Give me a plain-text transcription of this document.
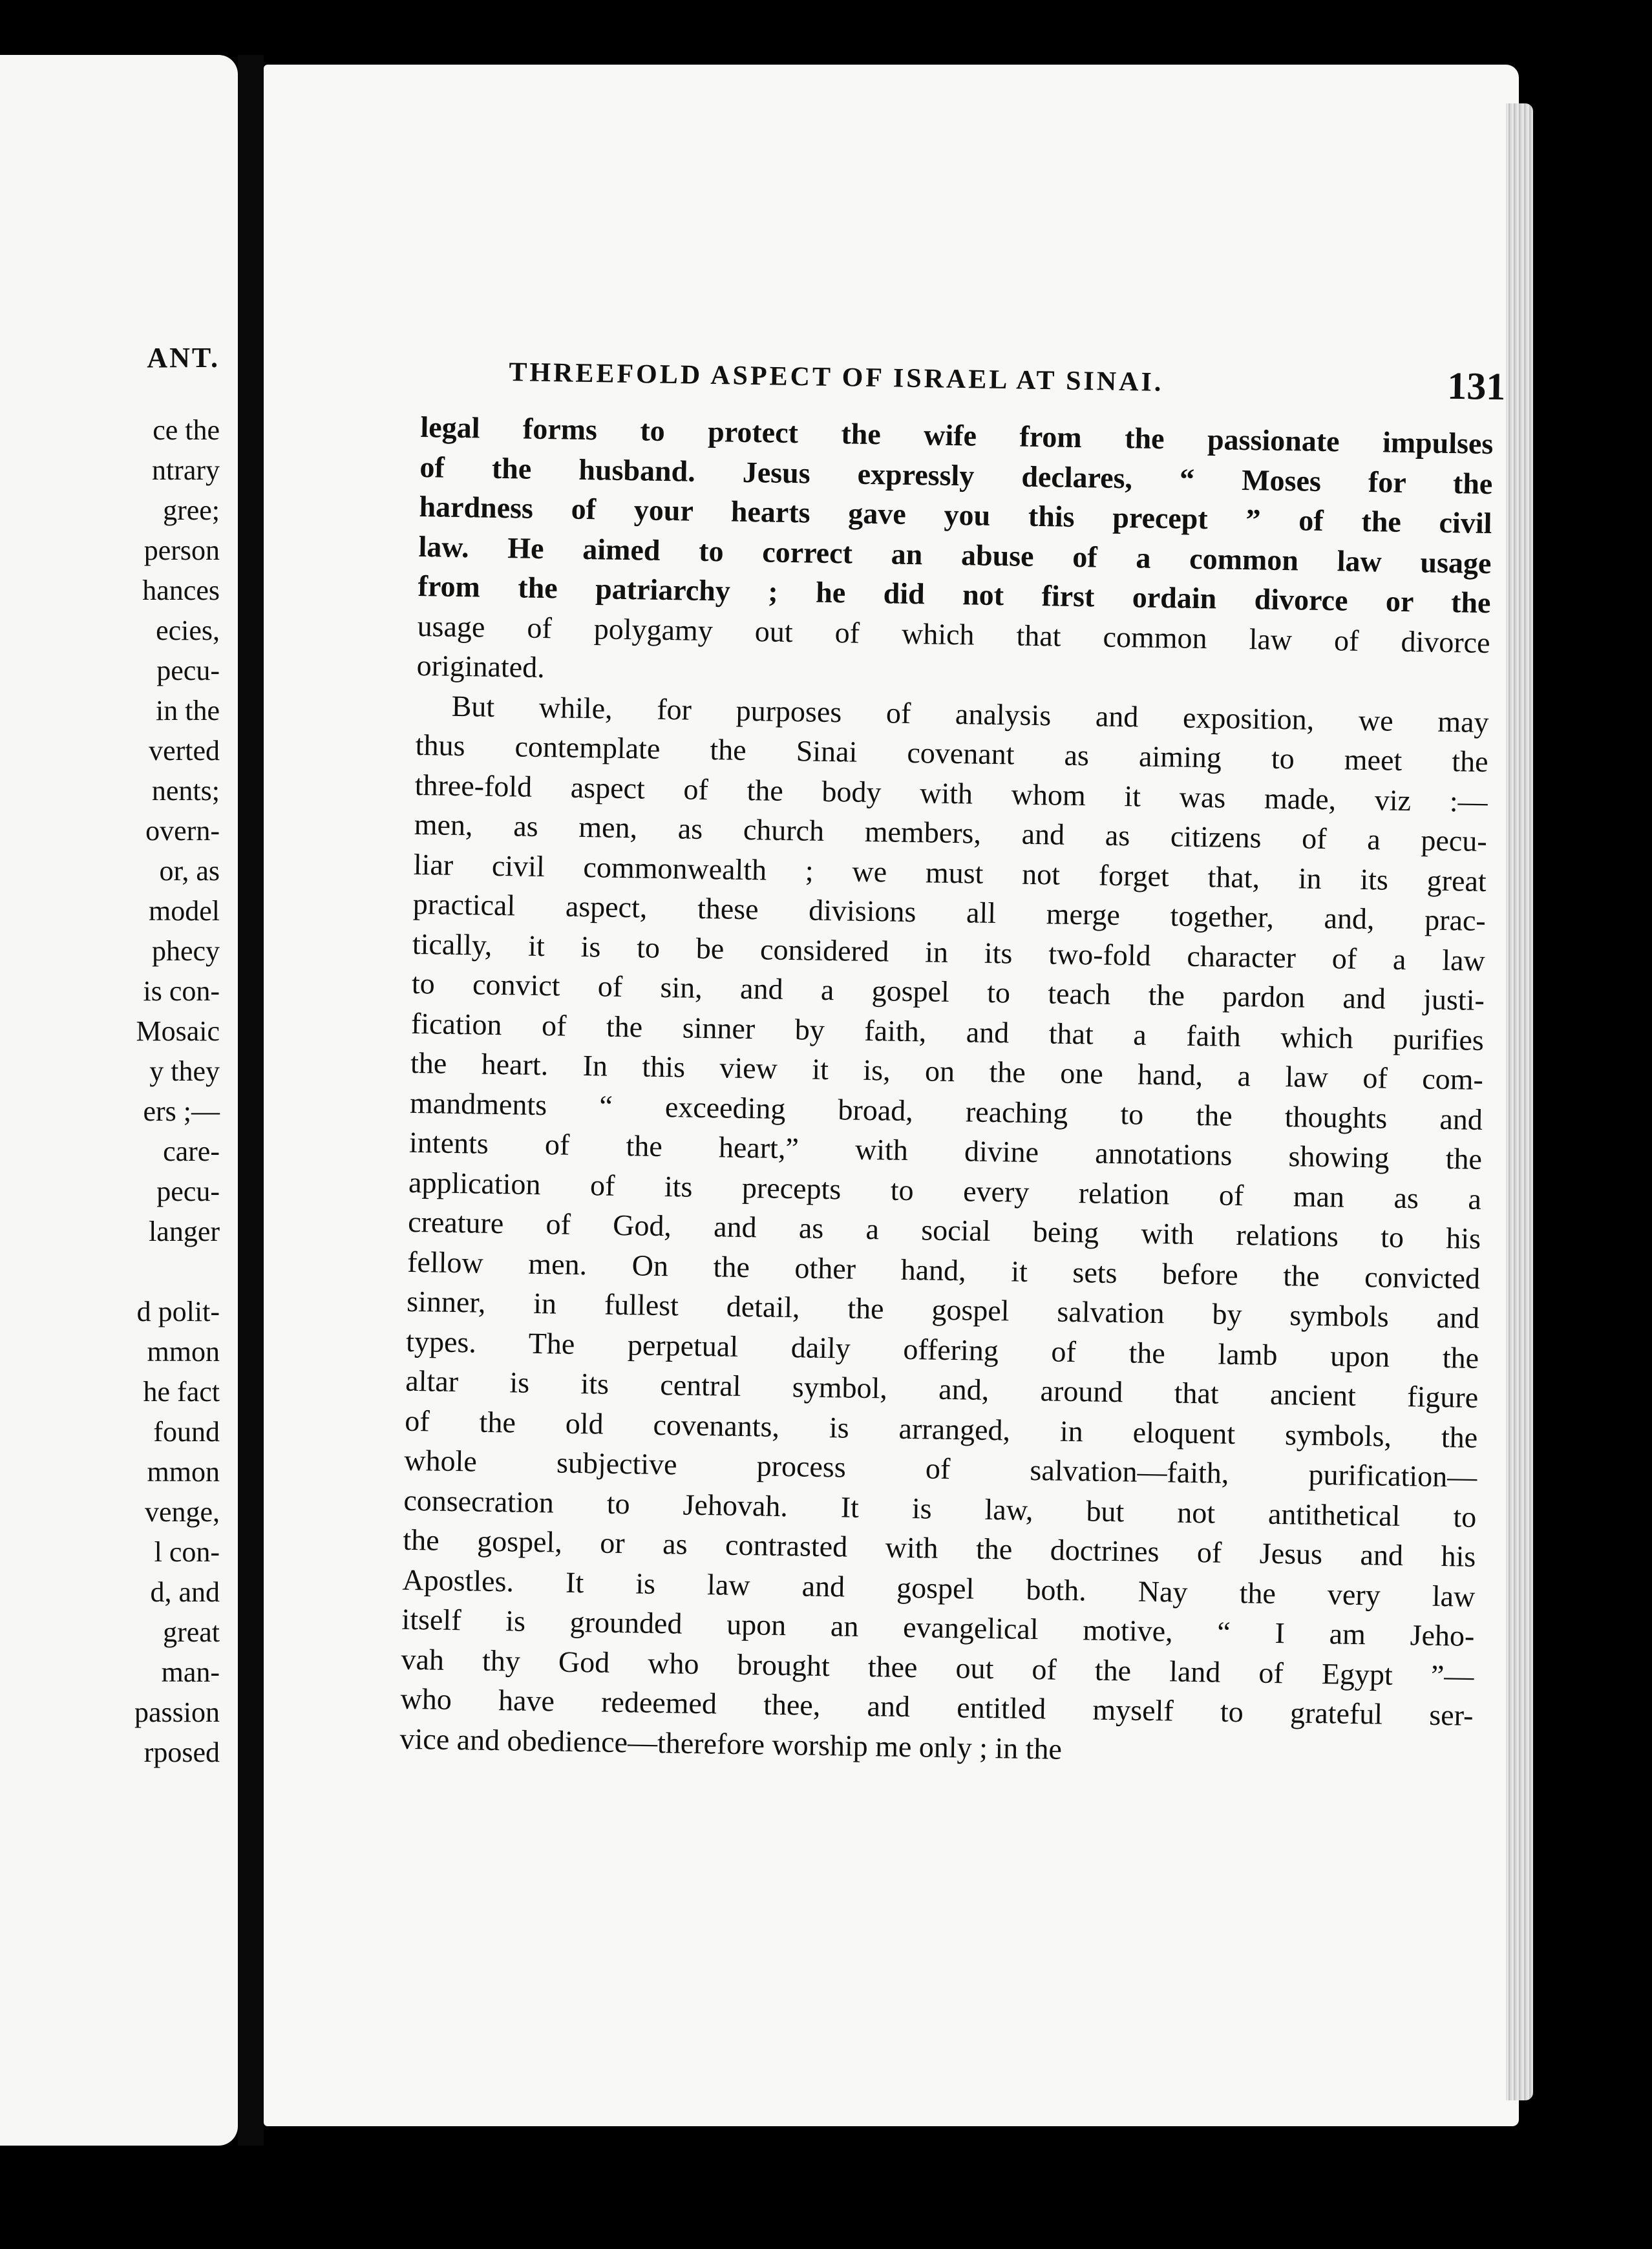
ANT.
ce the
ntrary
gree;
person
hances
ecies,
pecu-
in the
verted
nents;
overn-
or, as
model
phecy
is con-
Mosaic
y they
ers ;—
care-
pecu-
langer
d polit-
mmon
he fact
found
mmon
venge,
l con-
d, and
great
man-
passion
rposed
THREEFOLD ASPECT OF ISRAEL AT SINAI.	131
legal forms to protect the wife from the passionate impulses
of the husband. Jesus expressly declares, “ Moses for the
hardness of your hearts gave you this precept ” of the civil
law. He aimed to correct an abuse of a common law usage
from the patriarchy ; he did not first ordain divorce or the
usage of polygamy out of which that common law of divorce
originated.
But while, for purposes of analysis and exposition, we may
thus contemplate the Sinai covenant as aiming to meet the
three-fold aspect of the body with whom it was made, viz :—
men, as men, as church members, and as citizens of a pecu-
liar civil commonwealth ; we must not forget that, in its great
practical aspect, these divisions all merge together, and, prac-
tically, it is to be considered in its two-fold character of a law
to convict of sin, and a gospel to teach the pardon and justi-
fication of the sinner by faith, and that a faith which purifies
the heart. In this view it is, on the one hand, a law of com-
mandments “ exceeding broad, reaching to the thoughts and
intents of the heart,” with divine annotations showing the
application of its precepts to every relation of man as a
creature of God, and as a social being with relations to his
fellow men. On the other hand, it sets before the convicted
sinner, in fullest detail, the gospel salvation by symbols and
types. The perpetual daily offering of the lamb upon the
altar is its central symbol, and, around that ancient figure
of the old covenants, is arranged, in eloquent symbols, the
whole subjective process of salvation—faith, purification—
consecration to Jehovah. It is law, but not antithetical to
the gospel, or as contrasted with the doctrines of Jesus and his
Apostles. It is law and gospel both. Nay the very law
itself is grounded upon an evangelical motive, “ I am Jeho-
vah thy God who brought thee out of the land of Egypt ”—
who have redeemed thee, and entitled myself to grateful ser-
vice and obedience—therefore worship me only ; in the
